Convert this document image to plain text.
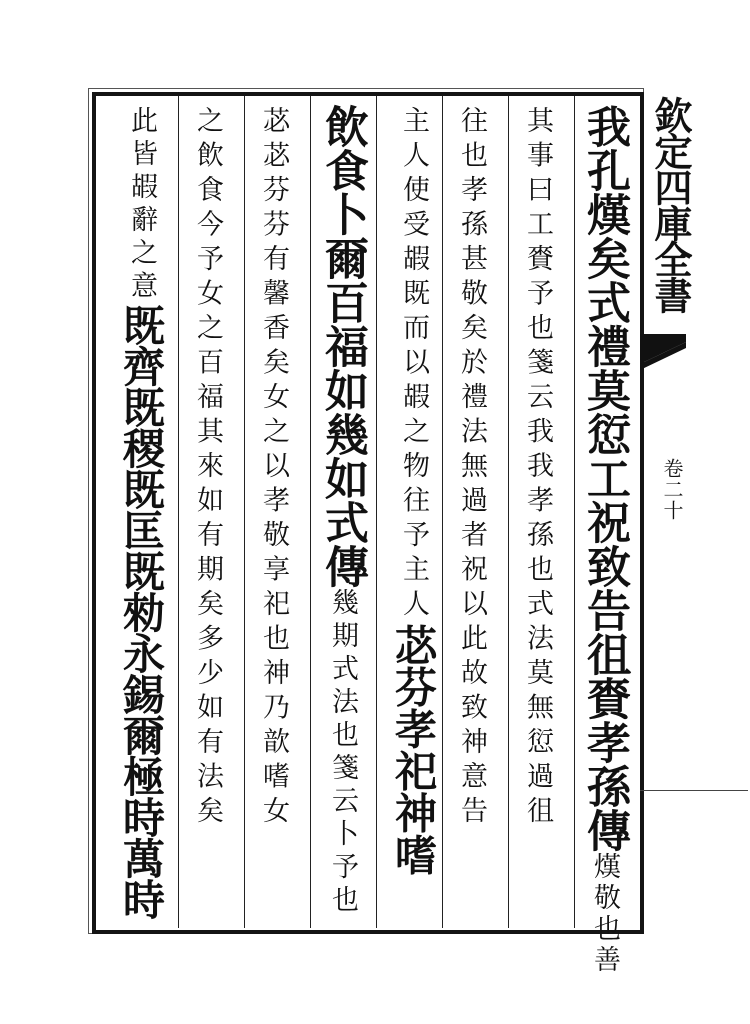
欽定四庫全書
卷二十
我孔熯矣式禮莫愆工祝致告徂賚孝孫傳熯敬也善
其事曰工賚予也箋云我我孝孫也式法莫無愆過徂
往也孝孫甚敬矣於禮法無過者祝以此故致神意告
主人使受嘏既而以嘏之物往予主人苾芬孝祀神嗜
飲食卜爾百福如幾如式傳幾期式法也箋云卜予也
苾苾芬芬有馨香矣女之以孝敬享祀也神乃歆嗜女
之飲食今予女之百福其來如有期矣多少如有法矣
此皆嘏辭之意既齊既稷既匡既勑永錫爾極時萬時
